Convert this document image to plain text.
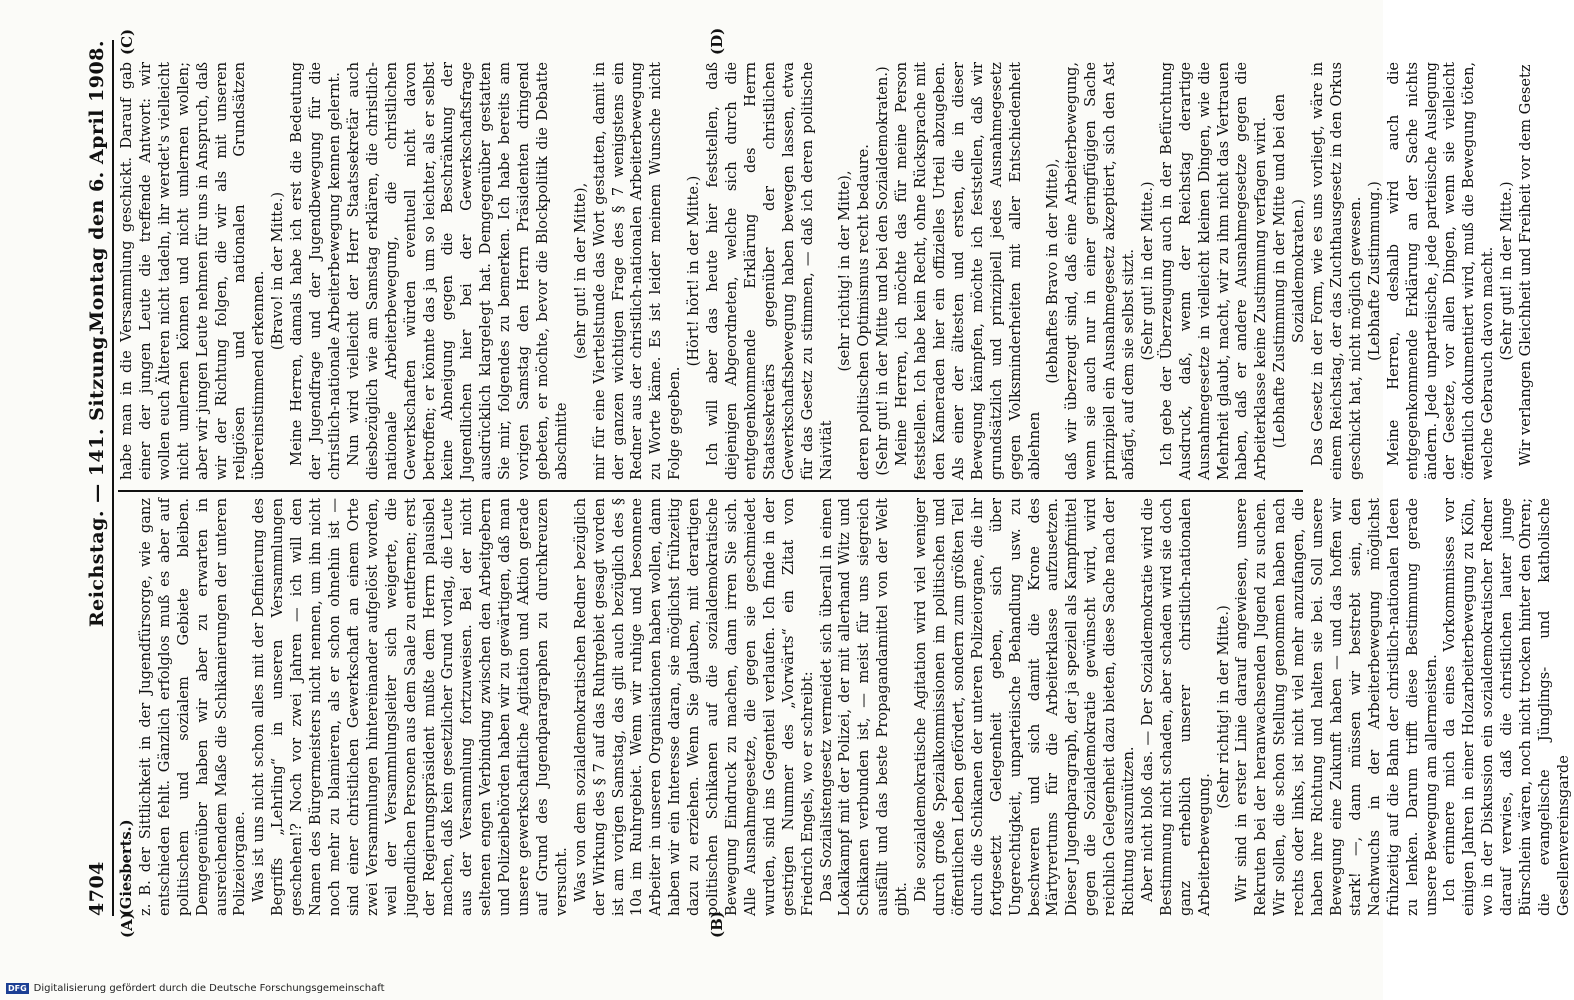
4704
Reichstag. — 141. Sitzung.
Montag den 6. April 1908.
(A)	(B)
(C)	(D)

(Giesberts.) z. B. der Sittlichkeit in der Jugendfürsorge, wie ganz entschieden fehlt. Gänzlich erfolglos muß es aber auf politischem und sozialem Gebiete bleiben. Demgegenüber haben wir aber zu erwarten in ausreichendem Maße die Schikanierungen der unteren Polizeiorgane. Was ist uns nicht schon alles mit der Definierung des Begriffs „Lehrling“ in unseren Versammlungen geschehen!? Noch vor zwei Jahren — ich will den Namen des Bürgermeisters nicht nennen, um ihn nicht noch mehr zu blamieren, als er schon ohnehin ist — sind einer christlichen Gewerkschaft an einem Orte zwei Versammlungen hintereinander aufgelöst worden, weil der Versammlungsleiter sich weigerte, die jugendlichen Personen aus dem Saale zu entfernen; erst der Regierungspräsident mußte dem Herrn plausibel machen, daß kein gesetzlicher Grund vorlag, die Leute aus der Versammlung fortzuweisen. Bei der nicht seltenen engen Verbindung zwischen den Arbeitgebern und Polizeibehörden haben wir zu gewärtigen, daß man unsere gewerkschaftliche Agitation und Aktion gerade auf Grund des Jugendparagraphen zu durchkreuzen versucht. Was von dem sozialdemokratischen Redner bezüglich der Wirkung des § 7 auf das Ruhrgebiet gesagt worden ist am vorigen Samstag, das gilt auch bezüglich des § 10a im Ruhrgebiet. Wenn wir ruhige und besonnene Arbeiter in unseren Organisationen haben wollen, dann haben wir ein Interesse daran, sie möglichst frühzeitig dazu zu erziehen. Wenn Sie glauben, mit derartigen politischen Schikanen auf die sozialdemokratische Bewegung Eindruck zu machen, dann irren Sie sich. Alle Ausnahmegesetze, die gegen sie geschmiedet wurden, sind ins Gegenteil verlaufen. Ich finde in der gestrigen Nummer des „Vorwärts“ ein Zitat von Friedrich Engels, wo er schreibt: Das Sozialistengesetz vermeidet sich überall in einen Lokalkampf mit der Polizei, der mit allerhand Witz und Schikanen verbunden ist, — meist für uns siegreich ausfällt und das beste Propagandamittel von der Welt gibt. Die sozialdemokratische Agitation wird viel weniger durch große Spezialkommissionen im politischen und öffentlichen Leben gefördert, sondern zum größten Teil durch die Schikanen der unteren Polizeiorgane, die ihr fortgesetzt Gelegenheit geben, sich über Ungerechtigkeit, unparteiische Behandlung usw. zu beschweren und sich damit die Krone des Märtyrertums für die Arbeiterklasse aufzusetzen. Dieser Jugendparagraph, der ja speziell als Kampfmittel gegen die Sozialdemokratie gewünscht wird, wird reichlich Gelegenheit dazu bieten, diese Sache nach der Richtung auszunützen. Aber nicht bloß das. — Der Sozialdemokratie wird die Bestimmung nicht schaden, aber schaden wird sie doch ganz erheblich unserer christlich-nationalen Arbeiterbewegung.

(Sehr richtig! in der Mitte.) Wir sind in erster Linie darauf angewiesen, unsere Rekruten bei der heranwachsenden Jugend zu suchen. Wir sollen, die schon Stellung genommen haben nach rechts oder links, ist nicht viel mehr anzufangen, die haben ihre Richtung und halten sie bei. Soll unsere Bewegung eine Zukunft haben — und das hoffen wir stark! —, dann müssen wir bestrebt sein, den Nachwuchs in der Arbeiterbewegung möglichst frühzeitig auf die Bahn der christlich-nationalen Ideen zu lenken. Darum trifft diese Bestimmung gerade unsere Bewegung am allermeisten. Ich erinnere mich da eines Vorkommnisses vor einigen Jahren in einer Holzarbeiterbewegung zu Köln, wo in der Diskussion ein sozialdemokratischer Redner darauf verwies, daß die christlichen lauter junge Bürschlein wären, noch nicht trocken hinter den Ohren; die evangelische Jünglings- und katholische Gesellenvereinsgarde

habe man in die Versammlung geschickt. Darauf gab einer der jungen Leute die treffende Antwort: wir wollen euch Älteren nicht tadeln, ihr werdet's vielleicht nicht umlernen können und nicht umlernen wollen; aber wir jungen Leute nehmen für uns in Anspruch, daß wir der Richtung folgen, die wir als mit unseren religiösen und nationalen Grundsätzen übereinstimmend erkennen. (Bravo! in der Mitte.) Meine Herren, damals habe ich erst die Bedeutung der Jugendfrage und der Jugendbewegung für die christlich-nationale Arbeiterbewegung kennen gelernt. Nun wird vielleicht der Herr Staatssekretär auch diesbezüglich wie am Samstag erklären, die christlich-nationale Arbeiterbewegung, die christlichen Gewerkschaften würden eventuell nicht davon betroffen; er könnte das ja um so leichter, als er selbst keine Abneigung gegen die Beschränkung der Jugendlichen hier bei der Gewerkschaftsfrage ausdrücklich klargelegt hat. Demgegenüber gestatten Sie mir, folgendes zu bemerken. Ich habe bereits am vorigen Samstag den Herrn Präsidenten dringend gebeten, er möchte, bevor die Blockpolitik die Debatte abschnitte

(sehr gut! in der Mitte), mir für eine Viertelstunde das Wort gestatten, damit in der ganzen wichtigen Frage des § 7 wenigstens ein Redner aus der christlich-nationalen Arbeiterbewegung zu Worte käme. Es ist leider meinem Wunsche nicht Folge gegeben.

(Hört! hört! in der Mitte.) Ich will aber das heute hier feststellen, daß diejenigen Abgeordneten, welche sich durch die entgegenkommende Erklärung des Herrn Staatssekretärs gegenüber der christlichen Gewerkschaftsbewegung haben bewegen lassen, etwa für das Gesetz zu stimmen, — daß ich deren politische Naivität

(sehr richtig! in der Mitte), deren politischen Optimismus recht bedaure. (Sehr gut! in der Mitte und bei den Sozialdemokraten.) Meine Herren, ich möchte das für meine Person feststellen. Ich habe kein Recht, ohne Rücksprache mit den Kameraden hier ein offizielles Urteil abzugeben. Als einer der ältesten und ersten, die in dieser Bewegung kämpfen, möchte ich feststellen, daß wir grundsätzlich und prinzipiell jedes Ausnahmegesetz gegen Volksminderheiten mit aller Entschiedenheit ablehnen

(lebhaftes Bravo in der Mitte), daß wir überzeugt sind, daß eine Arbeiterbewegung, wenn sie auch nur in einer geringfügigen Sache prinzipiell ein Ausnahmegesetz akzeptiert, sich den Ast abfägt, auf dem sie selbst sitzt. (Sehr gut! in der Mitte.) Ich gebe der Überzeugung auch in der Befürchtung Ausdruck, daß, wenn der Reichstag derartige Ausnahmegesetze in vielleicht kleinen Dingen, wie die Mehrheit glaubt, macht, wir zu ihm nicht das Vertrauen haben, daß er andere Ausnahmegesetze gegen die Arbeiterklasse keine Zustimmung verfagen wird. (Lebhafte Zustimmung in der Mitte und bei den Sozialdemokraten.) Das Gesetz in der Form, wie es uns vorliegt, wäre in einem Reichstag, der das Zuchthausgesetz in den Orkus geschickt hat, nicht möglich gewesen. (Lebhafte Zustimmung.) Meine Herren, deshalb wird auch die entgegenkommende Erklärung an der Sache nichts ändern. Jede unparteiische, jede parteiische Auslegung der Gesetze, vor allen Dingen, wenn sie vielleicht öffentlich dokumentiert wird, muß die Bewegung töten, welche Gebrauch davon macht. (Sehr gut! in der Mitte.) Wir verlangen Gleichheit und Freiheit vor dem Gesetz

DFG Digitalisierung gefördert durch die Deutsche Forschungsgemeinschaft
